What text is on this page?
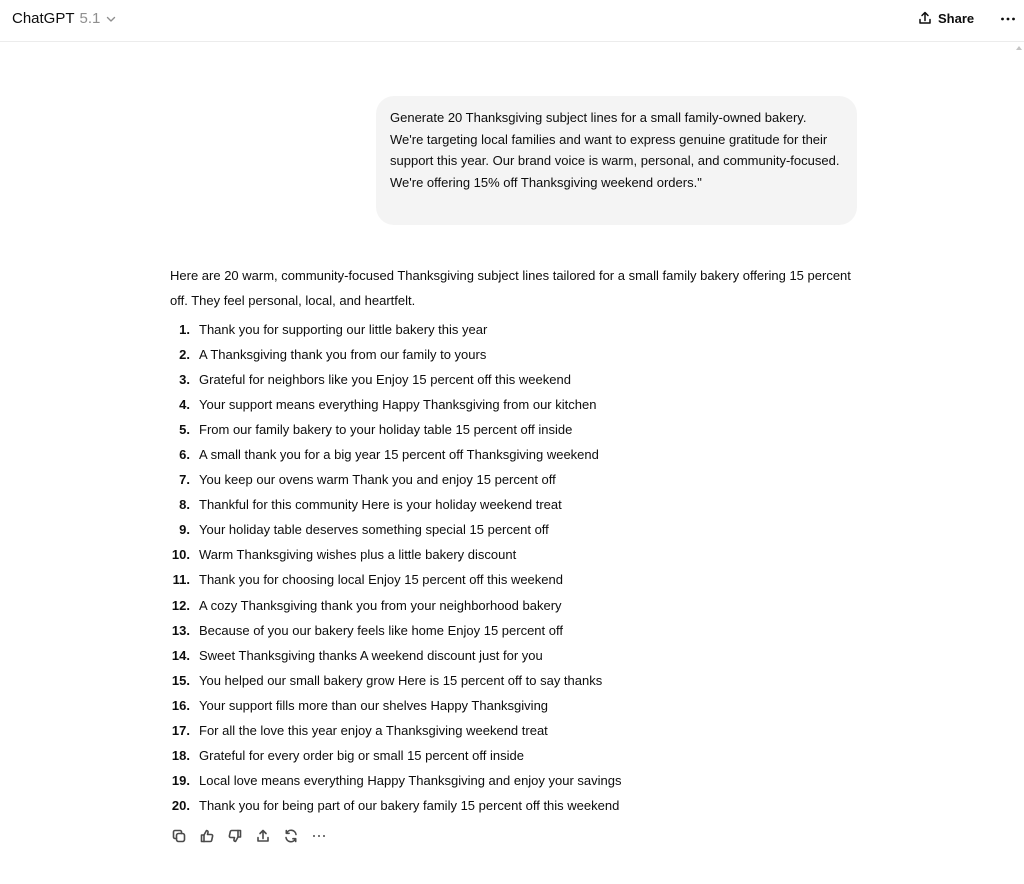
ChatGPT 5.1	Share
Generate 20 Thanksgiving subject lines for a small family-owned bakery. We're targeting local families and want to express genuine gratitude for their support this year. Our brand voice is warm, personal, and community-focused. We're offering 15% off Thanksgiving weekend orders."
Here are 20 warm, community-focused Thanksgiving subject lines tailored for a small family bakery offering 15 percent off. They feel personal, local, and heartfelt.
1. Thank you for supporting our little bakery this year
2. A Thanksgiving thank you from our family to yours
3. Grateful for neighbors like you Enjoy 15 percent off this weekend
4. Your support means everything Happy Thanksgiving from our kitchen
5. From our family bakery to your holiday table 15 percent off inside
6. A small thank you for a big year 15 percent off Thanksgiving weekend
7. You keep our ovens warm Thank you and enjoy 15 percent off
8. Thankful for this community Here is your holiday weekend treat
9. Your holiday table deserves something special 15 percent off
10. Warm Thanksgiving wishes plus a little bakery discount
11. Thank you for choosing local Enjoy 15 percent off this weekend
12. A cozy Thanksgiving thank you from your neighborhood bakery
13. Because of you our bakery feels like home Enjoy 15 percent off
14. Sweet Thanksgiving thanks A weekend discount just for you
15. You helped our small bakery grow Here is 15 percent off to say thanks
16. Your support fills more than our shelves Happy Thanksgiving
17. For all the love this year enjoy a Thanksgiving weekend treat
18. Grateful for every order big or small 15 percent off inside
19. Local love means everything Happy Thanksgiving and enjoy your savings
20. Thank you for being part of our bakery family 15 percent off this weekend
